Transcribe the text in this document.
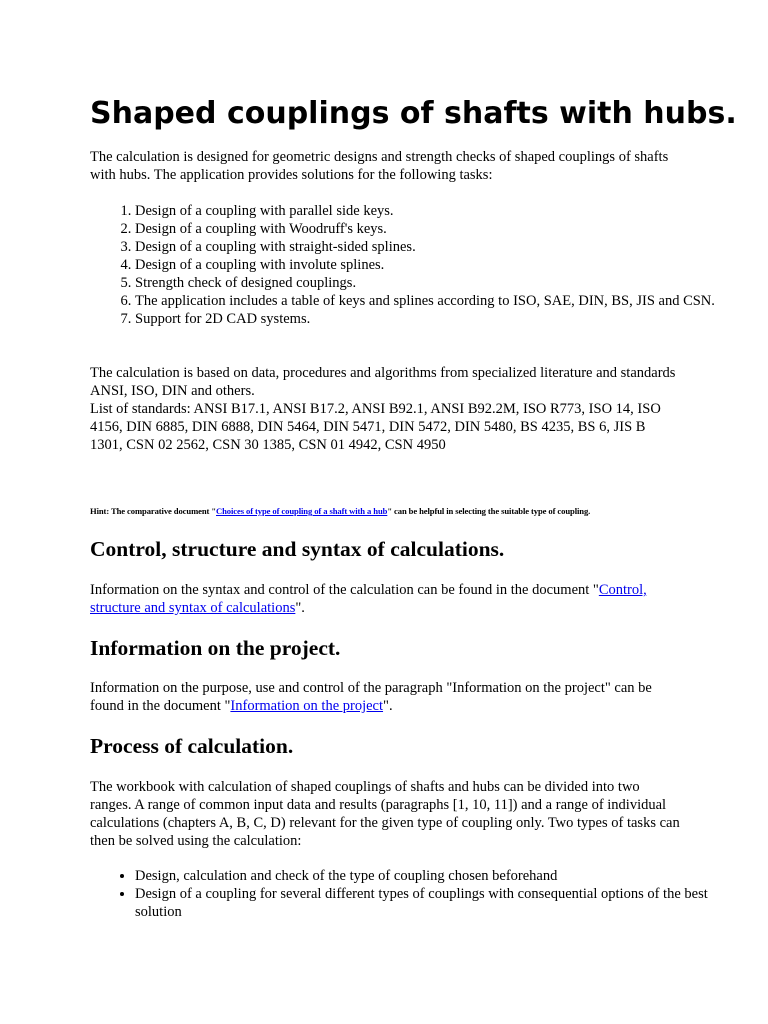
Shaped couplings of shafts with hubs.

The calculation is designed for geometric designs and strength checks of shaped couplings of shafts with hubs. The application provides solutions for the following tasks:

1. Design of a coupling with parallel side keys.
2. Design of a coupling with Woodruff's keys.
3. Design of a coupling with straight-sided splines.
4. Design of a coupling with involute splines.
5. Strength check of designed couplings.
6. The application includes a table of keys and splines according to ISO, SAE, DIN, BS, JIS and CSN.
7. Support for 2D CAD systems.

The calculation is based on data, procedures and algorithms from specialized literature and standards ANSI, ISO, DIN and others.
List of standards: ANSI B17.1, ANSI B17.2, ANSI B92.1, ANSI B92.2M, ISO R773, ISO 14, ISO 4156, DIN 6885, DIN 6888, DIN 5464, DIN 5471, DIN 5472, DIN 5480, BS 4235, BS 6, JIS B 1301, CSN 02 2562, CSN 30 1385, CSN 01 4942, CSN 4950

Hint: The comparative document "Choices of type of coupling of a shaft with a hub" can be helpful in selecting the suitable type of coupling.
Control, structure and syntax of calculations.

Information on the syntax and control of the calculation can be found in the document "Control, structure and syntax of calculations".

Information on the project.

Information on the purpose, use and control of the paragraph "Information on the project" can be found in the document "Information on the project".

Process of calculation.

The workbook with calculation of shaped couplings of shafts and hubs can be divided into two ranges. A range of common input data and results (paragraphs [1, 10, 11]) and a range of individual calculations (chapters A, B, C, D) relevant for the given type of coupling only. Two types of tasks can then be solved using the calculation:

• Design, calculation and check of the type of coupling chosen beforehand
• Design of a coupling for several different types of couplings with consequential options of the best solution
